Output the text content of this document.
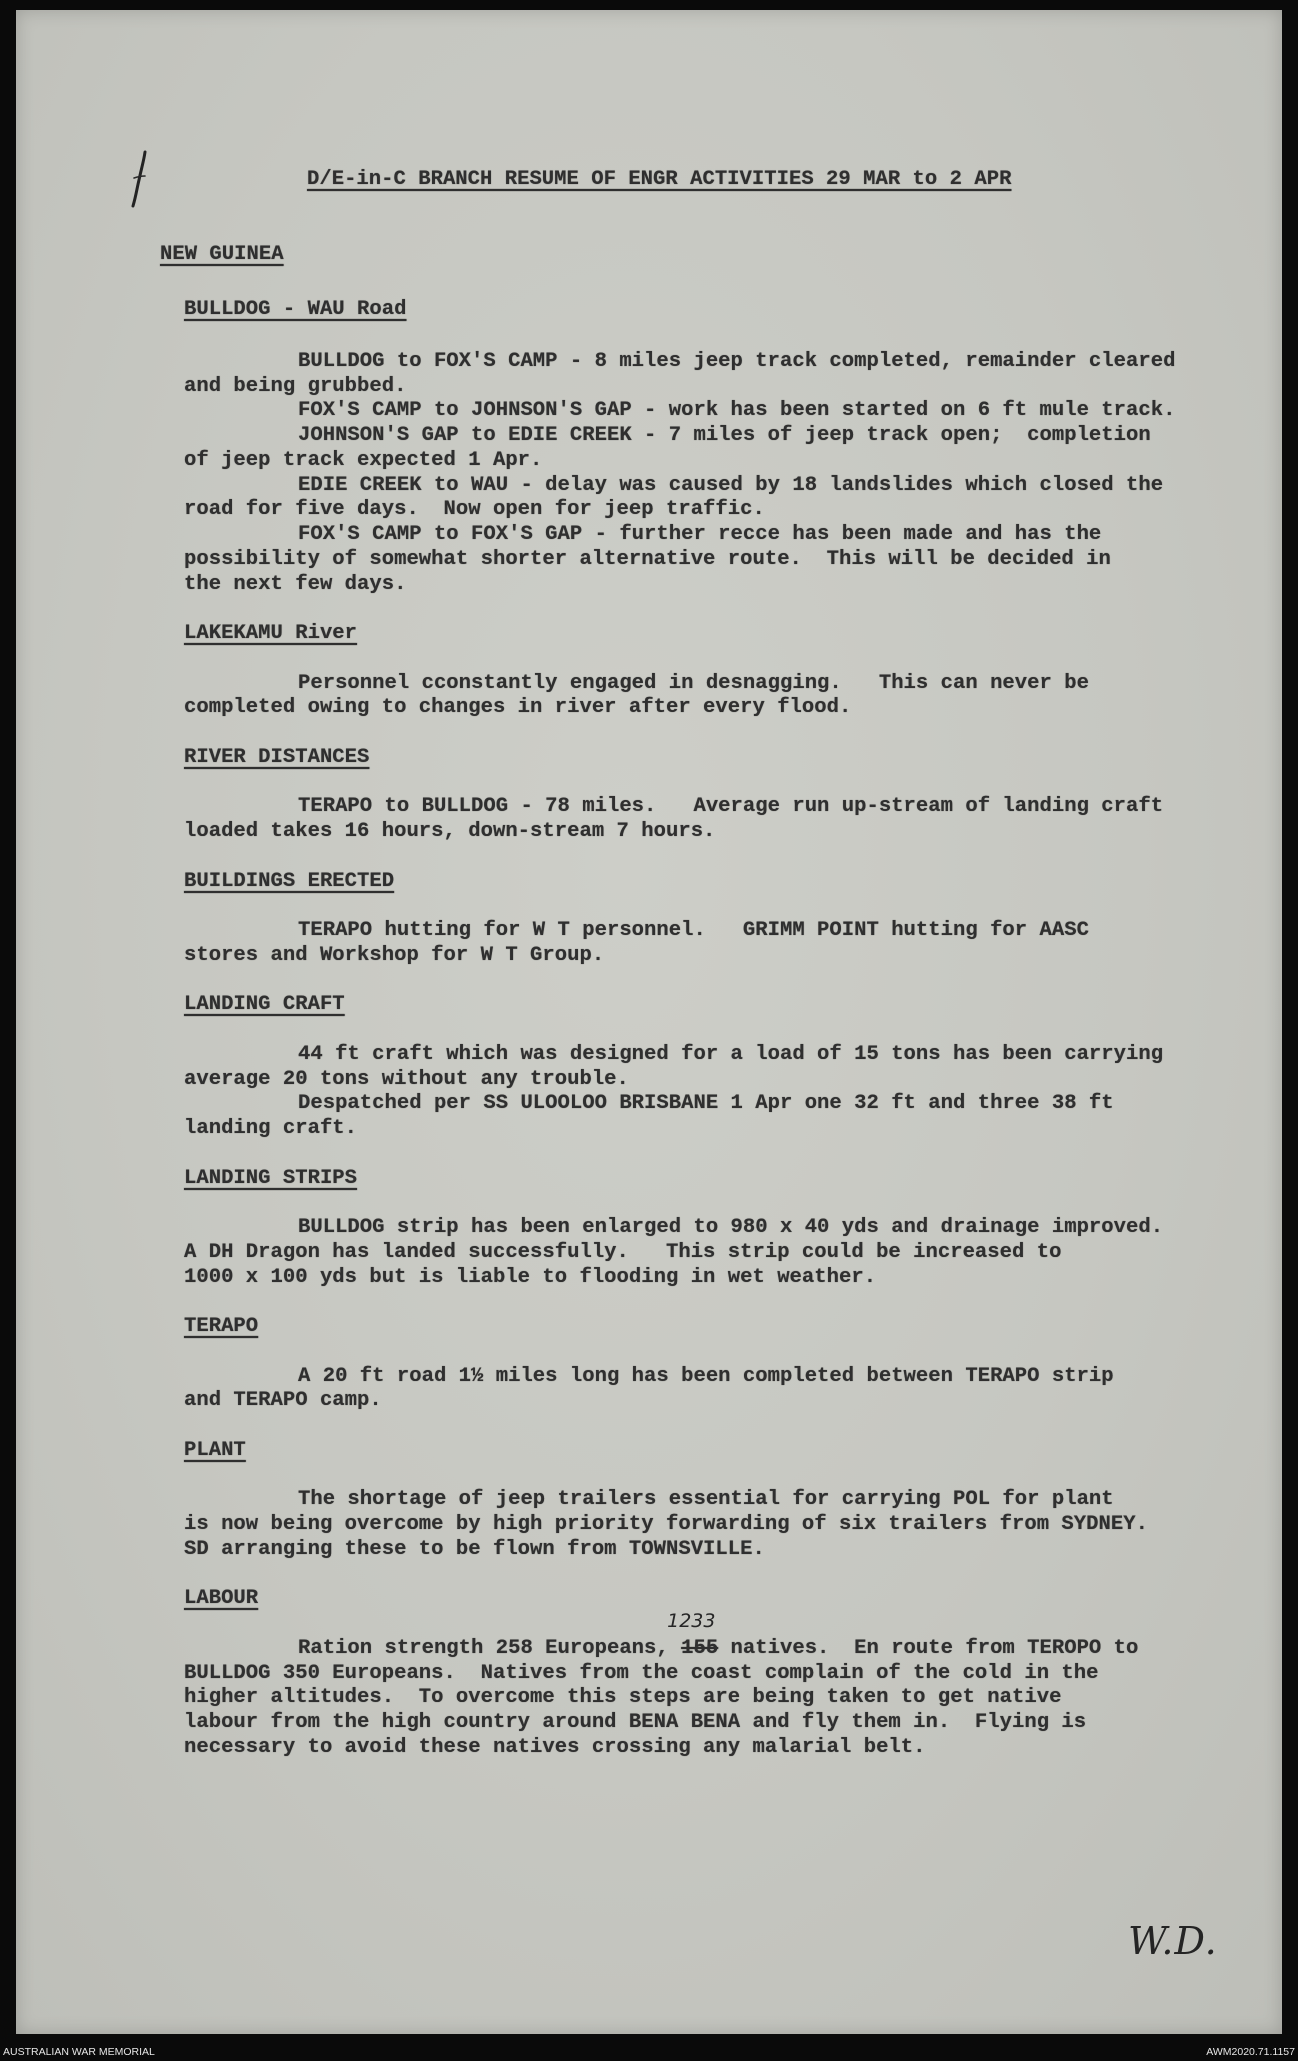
D/E-in-C BRANCH RESUME OF ENGR ACTIVITIES 29 MAR to 2 APR
NEW GUINEA
BULLDOG - WAU Road
BULLDOG to FOX'S CAMP - 8 miles jeep track completed, remainder cleared
and being grubbed.
FOX'S CAMP to JOHNSON'S GAP - work has been started on 6 ft mule track.
JOHNSON'S GAP to EDIE CREEK - 7 miles of jeep track open;  completion
of jeep track expected 1 Apr.
EDIE CREEK to WAU - delay was caused by 18 landslides which closed the
road for five days.  Now open for jeep traffic.
FOX'S CAMP to FOX'S GAP - further recce has been made and has the
possibility of somewhat shorter alternative route.  This will be decided in
the next few days.
LAKEKAMU River
Personnel cconstantly engaged in desnagging.   This can never be
completed owing to changes in river after every flood.
RIVER DISTANCES
TERAPO to BULLDOG - 78 miles.   Average run up-stream of landing craft
loaded takes 16 hours, down-stream 7 hours.
BUILDINGS ERECTED
TERAPO hutting for W T personnel.   GRIMM POINT hutting for AASC
stores and Workshop for W T Group.
LANDING CRAFT
44 ft craft which was designed for a load of 15 tons has been carrying
average 20 tons without any trouble.
Despatched per SS ULOOLOO BRISBANE 1 Apr one 32 ft and three 38 ft
landing craft.
LANDING STRIPS
BULLDOG strip has been enlarged to 980 x 40 yds and drainage improved.
A DH Dragon has landed successfully.   This strip could be increased to
1000 x 100 yds but is liable to flooding in wet weather.
TERAPO
A 20 ft road 1½ miles long has been completed between TERAPO strip
and TERAPO camp.
PLANT
The shortage of jeep trailers essential for carrying POL for plant
is now being overcome by high priority forwarding of six trailers from SYDNEY.
SD arranging these to be flown from TOWNSVILLE.
LABOUR
Ration strength 258 Europeans, 155
1233
natives.  En route from TEROPO to
BULLDOG 350 Europeans.  Natives from the coast complain of the cold in the
higher altitudes.  To overcome this steps are being taken to get native
labour from the high country around BENA BENA and fly them in.  Flying is
necessary to avoid these natives crossing any malarial belt.
W.D.
AUSTRALIAN WAR MEMORIAL	AWM2020.71.1157
